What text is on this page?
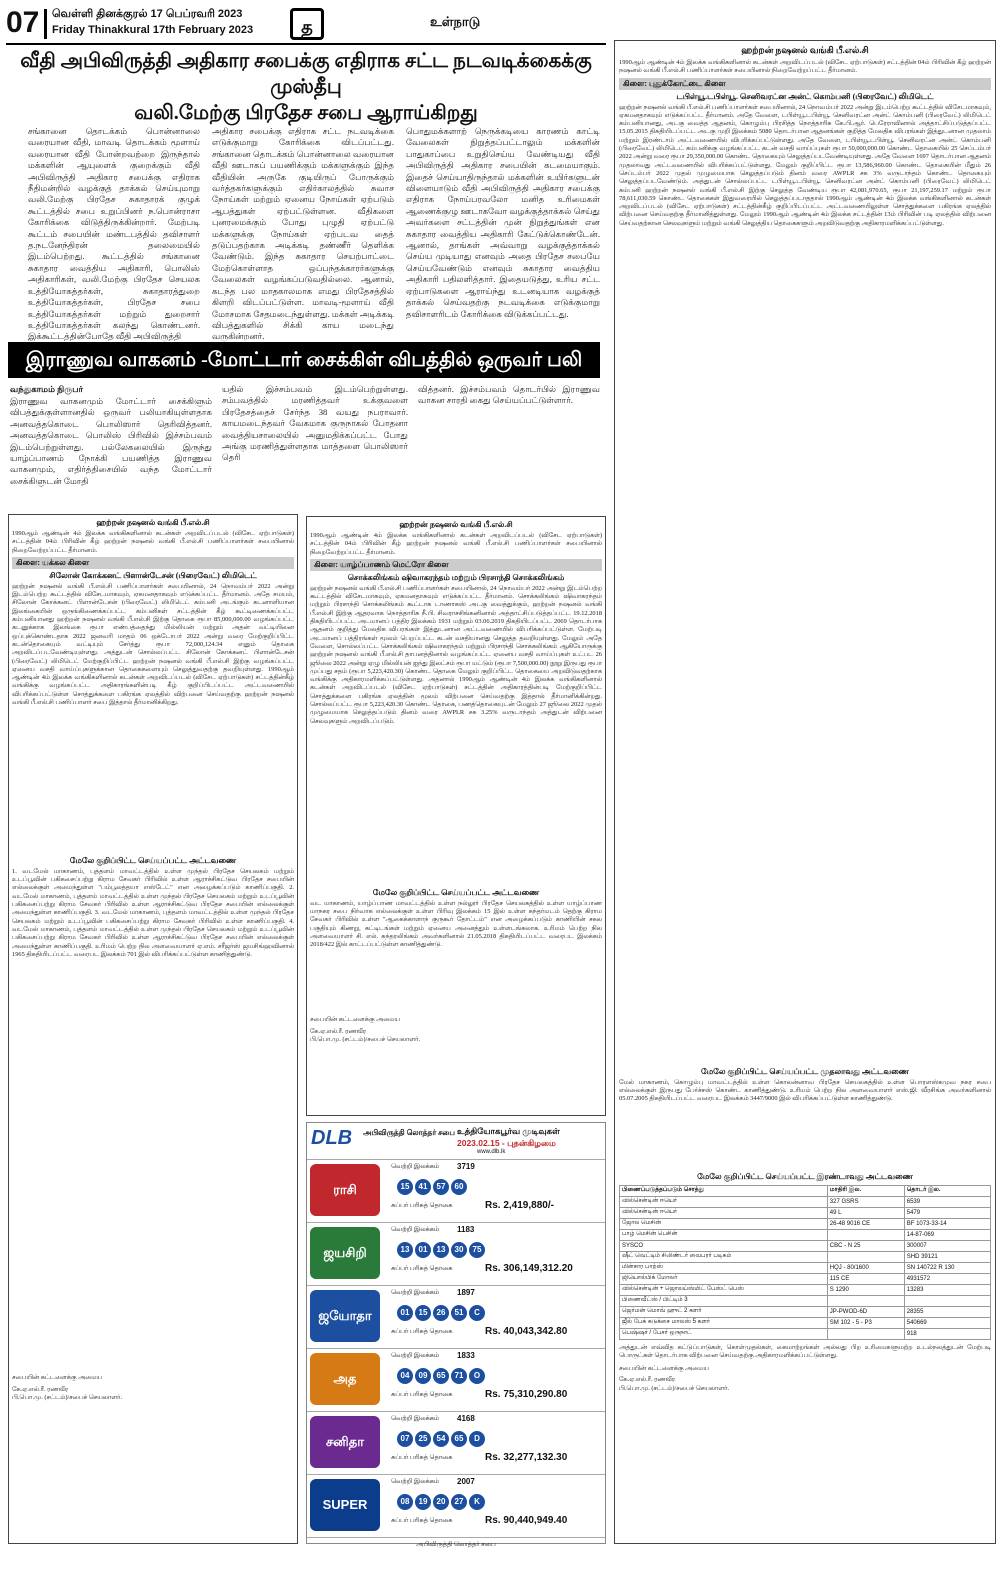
07 வெள்ளி தினக்குரல் 17 பெப்ரவரி 2023
Friday Thinakkural 17th February 2023	த	உள்நாடு
வீதி அபிவிருத்தி அதிகார சபைக்கு எதிராக சட்ட நடவடிக்கைக்கு முஸ்தீபு
வலி.மேற்கு பிரதேச சபை ஆராய்கிறது
சங்கானை தொடக்கம் பொன்னாலை வரையான வீதி, மாவடி தொடக்கம் மூளாய் வரையான வீதி போன்றவற்றை இருந்தால் மக்களின் ஆயுளைக் குறைக்கும் வீதி அபிவிருத்தி அதிகார சபைக்கு எதிராக நீதிமன்றில் வழக்குத் தாக்கல் செய்யுமாறு வலி.மேற்கு பிரதேச சுகாதாரக் குழுக் கூட்டத்தில் சபை உறுப்பினர் ந.பொன்ராசா கோரிக்கை விடுத்திருக்கின்றார். மேற்படி கூட்டம் சபையின் மண்டபத்தில் தவிசாளர் த.நடனேந்திரன் தலைமையில் இடம்பெற்றது. கூட்டத்தில் சங்கானை சுகாதார வைத்திய அதிகாரி, பொலிஸ் அதிகாரிகள், வலி.மேற்கு பிரதேச செயலக உத்தியோகத்தர்கள், சுகாதாரத்துறை உத்தியோகத்தர்கள், பிரதேச சபை உத்தியோகத்தர்கள் மற்றும் துறைசார் உத்தியோகத்தர்கள் கலந்து கொண்டனர். இக்கூட்டத்தின்போதே வீதி அபிவிருத்தி
அதிகார சபைக்கு எதிராக சட்ட நடவடிக்கை எடுக்குமாறு கோரிக்கை விடப்பட்டது. சங்கானை தொடக்கம் பொன்னாலை வரையான வீதி ஊடாகப் பயணிக்கும் மக்களுக்கும் இந்த வீதியின் அருகே குடியிருப் போருக்கும் வர்த்தகர்களுக்கும் எதிர்காலத்தில் சுவாச நோய்கள் மற்றும் ஏனைய நோய்கள் ஏற்படும் ஆபத்துகள் ஏற்பட்டுள்ளன. வீதிகளை புனரமைக்கும் போது புழுதி ஏற்பட்டு மக்களுக்கு நோய்கள் ஏற்படவ தைத் தடுப்பதற்காக அடிக்கடி தண்ணீர் தெளிக்க வேண்டும். இந்த சுகாதார செயற்பாட்டை மேற்கொள்ளாத ஒப்பந்தக்காரர்களுக்கு வேலைகள் வழங்கப்படுவதில்லை. ஆனால், கடந்த பல மாதகாலமாக எமது பிரதேசத்தில் கிளறி விடப்பட்டுள்ள. மாவடி-மூளாய் வீதி மோசமாக சேதமடைந்துள்ளது. மக்கள் அடிக்கடி விபத்துகளில் சிக்கி காய மடைந்து வருகின்றனர்.
பொதுமக்களாற் நெருக்கடியை காரணம் காட்டி வேலைகள் நிறுத்தப்பட்டாலும் மக்களின் பாதுகாப்பை உறுதிசெய்ய வேண்டியது வீதி அபிவிருத்தி அதிகார சபையின் கடமையாகும். இதைச் செய்யாதிருந்தால் மக்களின் உயிர்களுடன் விளையாடும் வீதி அபிவிருத்தி அதிகார சபைக்கு எதிராக நோய்பரவலோ மனித உரிமைகள் ஆணைக்குழு ஊடாகவோ வழக்குத்தாக்கல் செய்து அவர்களை சட்டத்தின் முன் நிறுத்துங்கள் என சுகாதார வைத்திய அதிகாரி கேட்டுக்கொண்டேன். ஆனால், தாங்கள் அவ்வாறு வழக்குத்தாக்கல் செய்ய முடியாது எனவும் அதை பிரதேச சபையே செய்யவேண்டும் எனவும் சுகாதார வைத்திய அதிகாரி பதிலளித்தார். இதையடுத்து, உரிய சட்ட ஏற்பாடுகளை ஆராய்ந்து உடனடியாக வழக்குத் தாக்கல் செய்வதற்கு நடவடிக்கை எடுக்குமாறு தவிசாளரிடம் கோரிக்கை விடுக்கப்பட்டது.
இராணுவ வாகனம் -மோட்டார் சைக்கிள் விபத்தில் ஒருவர் பலி
வந்துகாமம் நிருபர்
இராணுவ வாகனமும் மோட்டார் சைக்கிளும் விபத்துக்குள்ளானதில் ஒருவர் பலியாகியுள்ளதாக அனவத்தகொடை பொலிஸார் தெரிவித்தனர். அனவத்தகொடை பொலிஸ் பிரிவில் இச்சம்பவம் இடம்பெற்றுள்ளது. பல்லேகலையில் இருந்து யாழ்ப்பாணம் நோக்கி பயணித்த இராணுவ வாகனமும், எதிர்த்திசையில் வந்த மோட்டார் சைக்கிளுடன் மோதி
யதில் இச்சம்பவம் இடம்பெற்றுள்ளது. சம்பவத்தில் மரணித்தவர் உக்குவளை பிரதேசத்தைச் சேர்ந்த 38 வயது நபராவார். காயமடைந்தவர் வேகமாக குருநாகல் போதனா வைத்தியசாலையில் அனுமதிக்கப்பட்ட போது அங்கு மரணித்துள்ளதாக மாத்தளை பொலிஸார் தெரி
வித்தனர். இச்சம்பவம் தொடர்பில் இராணுவ வாகன சாரதி கைது செய்யப்பட்டுள்ளார்.
ஹற்றன் நஷனல் வங்கி பீ.எல்.சி
1990ஆம் ஆண்டின் 4ம் இலக்க வங்கிகளினால் கடன்கள் அறவிடப்படல் (விசேட ஏற்பாடுகள்) சட்டத்தின் 04ம் பிரிவின் கீழ் ஹற்றன் நஷனல் வங்கி பீ.எல்.சி பணிப்பாளர்கள் சபையினால் நிறைவேற்றப்பட்ட தீர்மானம்.
கிளை: யக்கல கிளை
சிலோன் கோக்கனட் பிளான்டேசன் (பிரைவேட்) லிமிடெட்
ஹற்றன் நஷனல் வங்கி பீ.எல்.சி பணிப்பாளர்கள் சபையினால், 24 நொவம்பர் 2022 அன்று இடம்பெற்ற கூட்டத்தில் விசேடமாகவும், ஏகமனதாகவும் எடுக்கப்பட்ட தீர்மானம். அதே சமயம், சிலோன் கோக்கனட் பிளான்டேசன் (பிரைவேட்) லிமிடெட் கம்பனி அடங்கும் கடனாளியான இலங்கையின் ஒருங்கிணைக்கப்பட்ட கம்பனிகள் சட்டத்தின் கீழ் கூட்டிணைக்கப்பட்ட கம்பனியானது ஹற்றன் நஷனல் வங்கி பீ.எல்.சி இற்கு தொகை ரூபா 85,000,000.00 வழங்கப்பட்ட கடனுக்காக இலங்கை ரூபா எண்பத்தைந்து மில்லியன் மற்றும் அதன் வட்டியினை ஒப்புக்கொண்டதாக 2022 ஜனவரி மாதம் 06 ஒக்டோபர் 2022 அன்று வரை மேற்குறிப்பிட்ட கடன்தொகையும் வட்டியும் சேர்த்து ரூபா 72,000,124.34 எனும் தொகை அறவிடப்படவேண்டியுள்ளது. அத்துடன் சொல்லப்பட்ட சிலோன் கோக்கனட் பிளான்டேசன் (பிரைவேட்) லிமிடெட் மேற்குறிப்பிட்ட ஹற்றன் நஷனல் வங்கி பீ.எல்.சி இற்கு வழங்கப்பட்ட ஏனைய வசதி வாய்ப்புகளுக்கான தொகைகளையும் செலுத்துவதற்கு தவறியுள்ளது. 1990ஆம் ஆண்டின் 4ம் இலக்க வங்கிகளினால் கடன்கள் அறவிடப்படல் (விசேட ஏற்பாடுகள்) சட்டத்தின்கீழ் வங்கிக்கு வழங்கப்பட்ட அதிகாரங்களின்படி கீழ் குறிப்பிடப்பட்ட அட்டவணையில் விபரிக்கப்பட்டுள்ள சொத்துக்களை பகிரங்க ஏலத்தில் விற்பனை செய்வதற்கு ஹற்றன் நஷனல் வங்கி பீ.எல்.சி பணிப்பாளர் சபை இத்தால் தீர்மானிக்கிறது.
மேலே குறிப்பிட்ட செய்யப்பட்ட அட்டவணை
1. வடமேல் மாகாணம், புத்தளம் மாவட்டத்தில் உள்ள முந்தல் பிரதேச செயலகம் மற்றும் உடப்பூவின் பகிகசைப்பற்று கிராம சேவகர் பிரிவில் உள்ள ஆராச்சிகட்டுவ பிரதேச சபையின் எல்லைக்குள் அமைந்துள்ள "பம்பூலத்தயா எஸ்டேட்" என அழைக்கப்படும் காணிப்பகுதி. 2. வடமேல் மாகாணம், புத்தளம் மாவட்டத்தில் உள்ள முந்தல் பிரதேச செயலகம் மற்றும் உடப்பூவின் பகிகசைப்பற்று கிராம சேவகர் பிரிவில் உள்ள ஆராச்சிகட்டுவ பிரதேச சபையின் எல்லைக்குள் அமைந்துள்ள காணிப்பகுதி. 3. வடமேல் மாகாணம், புத்தளம் மாவட்டத்தில் உள்ள முந்தல் பிரதேச செயலகம் மற்றும் உடப்பூவின் பகிகசைப்பற்று கிராம சேவகர் பிரிவில் உள்ள காணிப்பகுதி. 4. வடமேல் மாகாணம், புத்தளம் மாவட்டத்தில் உள்ள முந்தல் பிரதேச செயலகம் மற்றும் உடப்பூவின் பகிகசைப்பற்று கிராம சேவகர் பிரிவில் உள்ள ஆராச்சிகட்டுவ பிரதேச சபையின் எல்லைக்குள் அமைந்துள்ள காணிப்பகுதி. உரிமம் பெற்ற நில அளவையாளர் ஏ.எம். சரீஜர்ஸ் ஜயசிங்ஹவினால் 1965 திகதியிடப்பட்ட வரைபட இலக்கம் 701 இல் விபரிக்கப்பட்டுள்ள காணித்துண்டு.
சபையின் கட்டளைக்கு அமைய
கே.ஏ.எல்.ரீ. ரணவீர
பி.பொ.மு. (சட்டம்)/சபைச் செயலாளர்.
ஹற்றன் நஷனல் வங்கி பீ.எல்.சி
1990ஆம் ஆண்டின் 4ம் இலக்க வங்கிகளினால் கடன்கள் அறவிடப்படல் (விசேட ஏற்பாடுகள்) சட்டத்தின் 04ம் பிரிவின் கீழ் ஹற்றன் நஷனல் வங்கி பீ.எல்.சி பணிப்பாளர்கள் சபையினால் நிறைவேற்றப்பட்ட தீர்மானம்.
கிளை: யாழ்ப்பாணம் மெட்ரோ கிளை
சொக்கலிங்கம் ஷிவாகரந்தம் மற்றும் பிரசாந்தி சொக்கலிங்கம்
ஹற்றன் நஷனல் வங்கி பீ.எல்.சி பணிப்பாளர்கள் சபையினால், 24 நொவம்பர் 2022 அன்று இடம்பெற்ற கூட்டத்தில் விசேடமாகவும், ஏகமனதாகவும் எடுக்கப்பட்ட தீர்மானம். சொக்கலிங்கம் ஷிவாகரந்தம் மற்றும் பிரசாந்தி சொக்கலிங்கம் கூட்டாக டாணாகஸ் அடகு வைத்துக்கும், ஹற்றன் நஷனல் வங்கி பீ.எல்.சி இற்கு ஆதரவாக நொத்தாரிசு நீ.பி. சிவராசசிங்கனினால் அத்தாட்சிப்படுத்தப்பட்ட 19.12.2018 திகதியிடப்பட்ட அடமானப் பத்திர இலக்கம் 1931 மற்றும் 03.06.2019 திகதியிடப்பட்ட 2069 தொடர்பாக ஆதனம் குறித்து மேலதிக விபரங்கள் இத்துடனான அட்டவணையில் விபரிக்கப்பட்டுள்ள. மேற்படி அடமானப் பத்திரங்கள் மூலம் பெறப்பட்ட கடன் வசதியானது செலுத்த தவறியுள்ளது. மேலும் அதே வேளை, சொல்லப்பட்ட சொக்கலிங்கம் ஷிவாகரந்தம் மற்றும் பிரசாந்தி சொக்கலிங்கம் ஆகியோருக்கு ஹற்றன் நஷனல் வங்கி பீ.எல்.சி தாபனத்தினால் வழங்கப்பட்ட ஏனைய வசதி வாய்ப்புகள் உட்பட 26 ஜூலை 2022 அன்று ஏழு மில்லியன் ஐந்து இலட்சம் ரூபா மட்டும் (ரூபா 7,500,000.00) நூறு இருபது ரூபா முப்பது சதம் (ரூபா 5,223,420.30) கொண்ட தொகை மேலும் குறிப்பிட்ட தொகையை அறவிடுவதற்காக வங்கிக்கு அதிகாரமளிக்கப்பட்டுள்ளது. அதனால் 1990ஆம் ஆண்டின் 4ம் இலக்க வங்கிகளினால் கடன்கள் அறவிடப்படல் (விசேட ஏற்பாடுகள்) சட்டத்தின் அதிகாரத்தின்படி மேற்குறிப்பிட்ட சொத்துக்களை பகிரங்க ஏலத்தின் மூலம் விற்பனை செய்வதற்கு இத்தால் தீர்மானிக்கின்றது. சொல்லப்பட்ட ரூபா 5,223,420.30 கொண்ட தொகை, பணத்தொகையுடன் மேலும் 27 ஜூலை 2022 முதல் முழுமையாக செலுத்தப்படும் தினம் வரை AWPLR சக 3.25% வருடாந்தம் அத்துடன் விற்பனை செலவுகளும் அறவிடப்படும்.
மேலே குறிப்பிட்ட செய்யப்பட்ட அட்டவணை
வட மாகாணம், யாழ்ப்பாண மாவட்டத்தில் உள்ள நல்லூர் பிரதேச செயலகத்தில் உள்ள யாழ்ப்பாண மாநகர சபை நிர்வாக எல்லைக்குள் உள்ள பிரிவு இலக்கம் 15 இல் உள்ள கந்தர்மடம் தெற்கு கிராம சேவகர் பிரிவில் உள்ள "ஆகைக்காளாந் குருகூர் தோட்டம்" என அழைக்கப்படும் காணியின் சகல பகுதியும் கிணறு, கட்டிடங்கள் மற்றும் ஏனைய அனைத்தும் உள்ளடங்கலாக. உரிமம் பெற்ற நில அளவையாளர் சி. எல். சுந்தரலிங்கம் அவர்களினால் 21.05.2018 திகதியிடப்பட்ட வரைபட இலக்கம் 2018/422 இல் காட்டப்பட்டுள்ள காணித்துண்டு.
சபையின் கட்டளைக்கு அமைய
கே.ஏ.எல்.ரீ. ரணவீர
பி.பொ.மு. (சட்டம்)/சபைச் செயலாளர்.
DLB அபிவிருத்தி லொத்தர் சபை உத்தியோகபூர்வ முடிவுகள்
2023.02.15 - புதன்கிழமை
www.dlb.lk
ராசி
வெற்றி இலக்கம் 3719
15 41 57 60
சுப்பர் பரிசுத் தொகை	Rs. 2,419,880/-
ஜயசிறி
வெற்றி இலக்கம் 1183
13 01 13 30 75
சுப்பர் பரிசுத் தொகை	Rs. 306,149,312.20
ஜயோதா
வெற்றி இலக்கம் 1897
01 15 26 51 C
சுப்பர் பரிசுத் தொகை	Rs. 40,043,342.80
அத
வெற்றி இலக்கம் 1833
04 09 65 71 O
சுப்பர் பரிசுத் தொகை	Rs. 75,310,290.80
சனிதா
வெற்றி இலக்கம் 4168
07 25 54 65 D
சுப்பர் பரிசுத் தொகை	Rs. 32,277,132.30
SUPER BALL
வெற்றி இலக்கம் 2007
08 19 20 27 K
சுப்பர் பரிசுத் தொகை	Rs. 90,440,949.40
அபிவிருத்தி லொத்தர் சபை
ஹற்றன் நஷனல் வங்கி பீ.எல்.சி
1990ஆம் ஆண்டின் 4ம் இலக்க வங்கிகளினால் கடன்கள் அறவிடப்படல் (விசேட ஏற்பாடுகள்) சட்டத்தின் 04ம் பிரிவின் கீழ் ஹற்றன் நஷனல் வங்கி பீ.எல்.சி பணிப்பாளர்கள் சபையினால் நிறைவேற்றப்பட்ட தீர்மானம்.
கிளை: புதுக்கோட்டை கிளை
டபிள்யூ.டபிள்யூ. செனிவரட்ன அன்ட் கொம்பனி (பிரைவேட்) லிமிடெட்
ஹற்றன் நஷனல் வங்கி பீ.எல்.சி பணிப்பாளர்கள் சபையினால், 24 நொவம்பர் 2022 அன்று இடம்பெற்ற கூட்டத்தில் விசேடமாகவும், ஏகமனதாகவும் எடுக்கப்பட்ட தீர்மானம். அதே வேளை, டபிள்யூ.டபிள்யூ. செனிவரட்ன அன்ட் கொம்பனி (பிரைவேட்) லிமிடெட் கம்பனியானது, அடகு வைத்த ஆதனம், கொழும்பு பிரசித்த நொத்தாரிசு கே.பி.ஆர். பெரேராவினால் அத்தாட்சிப்படுத்தப்பட்ட 15.05.2015 திகதியிடப்பட்ட அடகு முறி இலக்கம் 5080 தொடர்பான ஆதனங்கள் குறித்த மேலதிக விபரங்கள் இத்துடனான முதலாம் மற்றும் இரண்டாம் அட்டவணையில் விபரிக்கப்பட்டுள்ளது. அதே வேளை, டபிள்யூ.டபிள்யூ. செனிவரட்ன அன்ட் கொம்பனி (பிரைவேட்) லிமிடெட் கம்பனிக்கு வழங்கப்பட்ட கடன் வசதி வாய்ப்புகள் ரூபா 50,000,000.00 கொண்ட தொகையில் 25 செப்டம்பர் 2022 அன்று வரை ரூபா 29,350,000.00 கொண்ட தொகையும் செலுத்தப்படவேண்டியுள்ளது. அதே வேளை 1697 தொடர்பான ஆதனம் முதலாவது அட்டவணையில் விபரிக்கப்பட்டுள்ளது. மேலும் குறிப்பிட்ட ரூபா 13,586,960.00 கொண்ட தொகையின் மீதும் 26 செப்டம்பர் 2022 முதல் முழுமையாக செலுத்தப்படும் தினம் வரை AWPLR சக 3% வருடாந்தம் கொண்ட தொகையும் செலுத்தப்படவேண்டும். அத்துடன் சொல்லப்பட்ட டபிள்யூ.டபிள்யூ. செனிவரட்ன அன்ட் கொம்பனி (பிரைவேட்) லிமிடெட் கம்பனி ஹற்றன் நஷனல் வங்கி பீ.எல்.சி இற்கு செலுத்த வேண்டிய ரூபா 42,081,970.65, ரூபா 21,197,259.17 மற்றும் ரூபா 78,611,030.59 கொண்ட தொகைகள் இதுவரையில் செலுத்தப்படாததால் 1990ஆம் ஆண்டின் 4ம் இலக்க வங்கிகளினால் கடன்கள் அறவிடப்படல் (விசேட ஏற்பாடுகள்) சட்டத்தின்கீழ் குறிப்பிடப்பட்ட அட்டவணையிலுள்ள சொத்துக்களை பகிரங்க ஏலத்தில் விற்பனை செய்வதற்கு தீர்மானித்துள்ளது. மேலும் 1990ஆம் ஆண்டின் 4ம் இலக்க சட்டத்தின் 13ம் பிரிவின் படி ஏலத்தில் விற்பனை செய்வதற்கான செலவுகளும் மற்றும் வங்கி செலுத்திய தொகைகளும் அறவிடுவதற்கு அதிகாரமளிக்கப்பட்டுள்ளது.
மேலே குறிப்பிட்ட செய்யப்பட்ட முதலாவது அட்டவணை
மேல் மாகாணம், கொழும்பு மாவட்டத்தில் உள்ள கொலன்னாவ பிரதேச செயலகத்தில் உள்ள பொரளஸ்கமுவ நகர சபை எல்லைக்குள் இருபது பேர்ச்சஸ் கொண்ட காணித்துண்டு. உரிமம் பெற்ற நில அளவையாளர் எஸ்.ஜி. வீரசிங்க அவர்களினால் 05.07.2005 திகதியிடப்பட்ட வரைபட இலக்கம் 3447/9000 இல் விபரிக்கப்பட்டுள்ள காணித்துண்டு.
மேலே குறிப்பிட்ட செய்யப்பட்ட இரண்டாவது அட்டவணை
பிணைப்படுத்தப்படும் சொத்து	மாதிரி இல.	தொடர் இல.
வில்சென்டின் ஈயெர்	327 GSRS	6539
வில்சென்டின் ஈயெர்	49 L	5479
ஜோல மெசின்	26-48 9016 CE	BF 1073-33-14
பாழ் மெசின் பெசின்		14-87-069
SYSCO	CBC - N 25	300007
ஷீட் வெட்டிம் சிலிண்டர் வைபரர் படிகம்		SHD 39121
மின்சார பாற்ஸ்	HQJ - 80/1600	SN 140722 R 130
ஜியொல்பிக் மோலர்	115 CE	4931572
வில்சென்டின் + ஜொலய்ஸ்மிட் பேஸ்ட் பெஸ்	S 1290	13283
பிணைவீட்ஸ் / பிட்டிம் 3		
ஜெர்மன் மொவ் ஹுட் 2 களர்	JP-PWOD-6D	28355
ஜீல் பேக் கடுக்சை மாலஸ் 5 களர்	SM 102 - 5 - P3	540669
பெஷ்ஷர் / பேசர் ஒருநாட்		918
அத்துடன் எவ்வித கட்டுப்பாடுகள், கொள்முதல்கள், கைமாற்றங்கள் அல்லது பிற உரிமைகளுமற்ற உடல்நலத்துடன் மேற்படி பொருட்கள் தொடர்பாக விற்பனை செய்வதற்கு அதிகாரமளிக்கப்பட்டுள்ளது.
சபையின் கட்டளைக்கு அமைய
கே.ஏ.எல்.ரீ. ரணவீர
பி.பொ.மு. (சட்டம்)/சபைச் செயலாளர்.
